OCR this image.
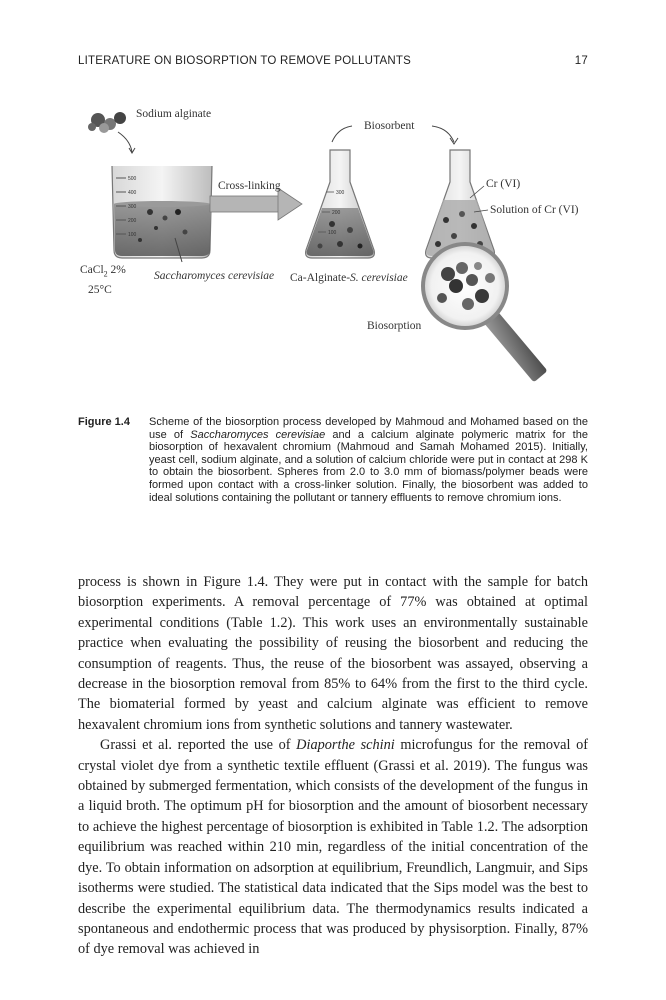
LITERATURE ON BIOSORPTION TO REMOVE POLLUTANTS	17
500
400
300
200
100
300
200
100
Sodium alginate
Biosorbent
Cross-linking	Cr (VI)
Solution of Cr (VI)
CaCl$_2$ 2%
25°C
Saccharomyces cerevisiae Ca-Alginate-S. cerevisiae
Biosorption
Figure 1.4 Scheme of the biosorption process developed by Mahmoud and Mohamed based on the use of Saccharomyces cerevisiae and a calcium alginate polymeric matrix for the biosorption of hexavalent chromium (Mahmoud and Samah Mohamed 2015). Initially, yeast cell, sodium alginate, and a solution of calcium chloride were put in contact at 298 K to obtain the biosorbent. Spheres from 2.0 to 3.0 mm of biomass/polymer beads were formed upon contact with a cross-linker solution. Finally, the biosorbent was added to ideal solutions containing the pollutant or tannery effluents to remove chromium ions.

process is shown in Figure 1.4. They were put in contact with the sample for batch biosorption experiments. A removal percentage of 77% was obtained at optimal experimental conditions (Table 1.2). This work uses an environmentally sustainable practice when evaluating the possibility of reusing the biosorbent and reducing the consumption of reagents. Thus, the reuse of the biosorbent was assayed, observing a decrease in the biosorption removal from 85% to 64% from the first to the third cycle. The biomaterial formed by yeast and calcium alginate was efficient to remove hexavalent chromium ions from synthetic solutions and tannery wastewater.

Grassi et al. reported the use of Diaporthe schini microfungus for the removal of crystal violet dye from a synthetic textile effluent (Grassi et al. 2019). The fungus was obtained by submerged fermentation, which consists of the development of the fungus in a liquid broth. The optimum pH for biosorption and the amount of biosorbent necessary to achieve the highest percentage of biosorption is exhibited in Table 1.2. The adsorption equilibrium was reached within 210 min, regardless of the initial concentration of the dye. To obtain information on adsorption at equilibrium, Freundlich, Langmuir, and Sips isotherms were studied. The statistical data indicated that the Sips model was the best to describe the experimental equilibrium data. The thermodynamics results indicated a spontaneous and endothermic process that was produced by physisorption. Finally, 87% of dye removal was achieved in
